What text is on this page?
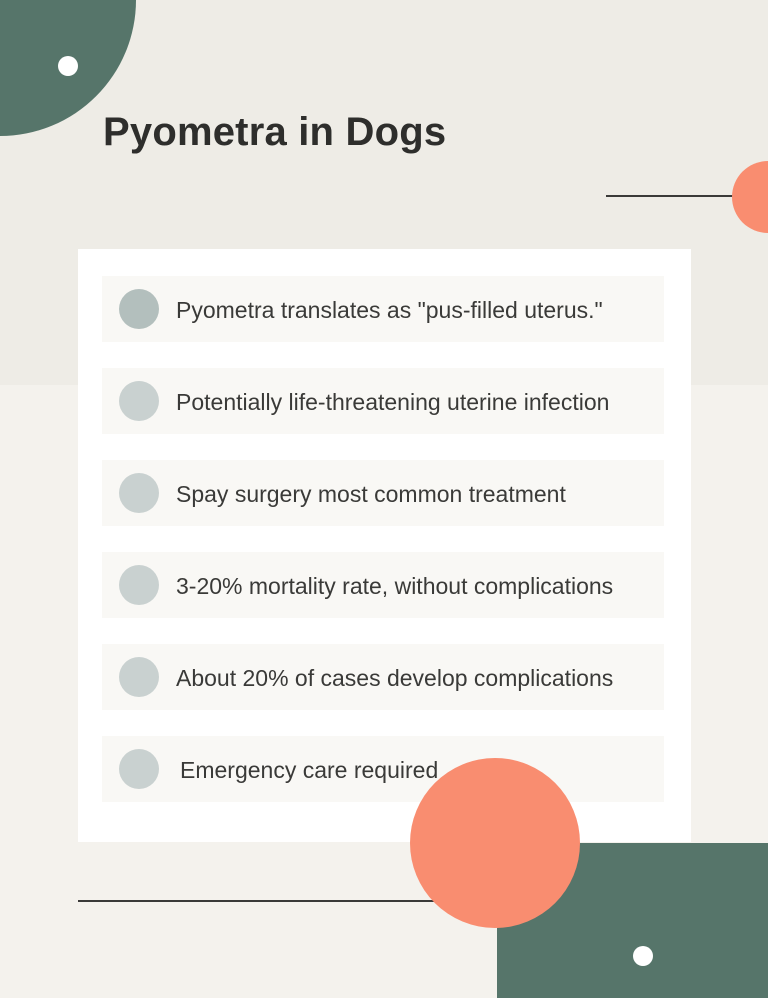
Pyometra in Dogs
Pyometra translates as "pus-filled uterus."
Potentially life-threatening uterine infection
Spay surgery most common treatment
3-20% mortality rate, without complications
About 20% of cases develop complications
Emergency care required
